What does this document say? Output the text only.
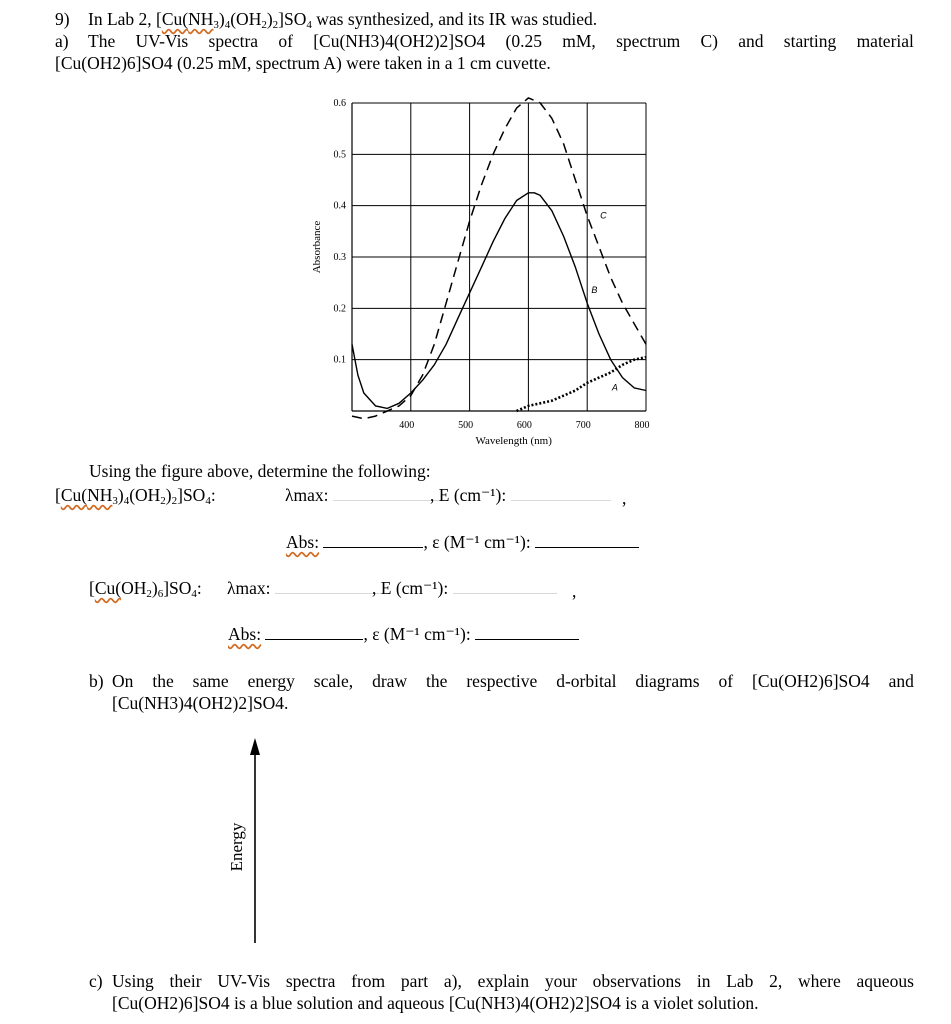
9) In Lab 2, $[Cu(NH_3)_4(OH_2)_2]SO_4$ was synthesized, and its IR was studied.
a) The UV-Vis spectra of [Cu(NH3)4(OH2)2]SO4 (0.25 mM, spectrum C) and starting material
[Cu(OH2)6]SO4 (0.25 mM, spectrum A) were taken in a 1 cm cuvette.
400	500	600	700	800
0.1
0.2
0.3
0.4
0.5
0.6
Wavelength (nm)
Absorbance
A
B
C
Using the figure above, determine the following:
$[Cu(NH_3)_4(OH_2)_2]SO_4$:	λmax:	, E (cm⁻¹):	,
Abs:	, ε (M⁻¹ cm⁻¹):
$[Cu(OH_2)_6]SO_4$: λmax:	, E (cm⁻¹):	,
Abs:	, ε (M⁻¹ cm⁻¹):
b) On the same energy scale, draw the respective d-orbital diagrams of [Cu(OH2)6]SO4 and
[Cu(NH3)4(OH2)2]SO4.
Energy
c) Using their UV-Vis spectra from part a), explain your observations in Lab 2, where aqueous
[Cu(OH2)6]SO4 is a blue solution and aqueous [Cu(NH3)4(OH2)2]SO4 is a violet solution.
